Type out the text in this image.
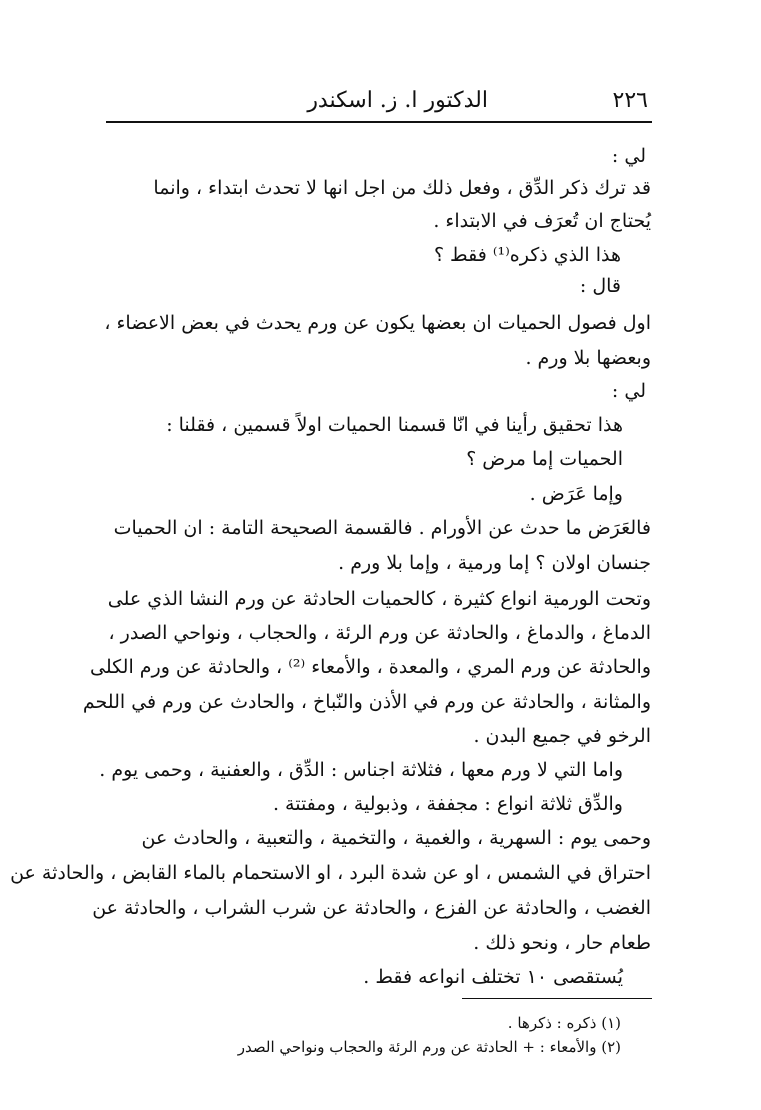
٢٢٦
الدكتور ا. ز. اسكندر
لي :
قد ترك ذكر الدِّق ، وفعل ذلك من اجل انها لا تحدث ابتداء ، وانما
يُحتاج ان تُعرَف في الابتداء .
هذا الذي ذكره⁽¹⁾ فقط ؟
قال :
اول فصول الحميات ان بعضها يكون عن ورم يحدث في بعض الاعضاء ،
وبعضها بلا ورم .
لي :
هذا تحقيق رأينا في انّا قسمنا الحميات اولاً قسمين ، فقلنا :
الحميات إما مرض ؟
وإما عَرَض .
فالعَرَض ما حدث عن الأورام . فالقسمة الصحيحة التامة : ان الحميات
جنسان اولان ؟ إما ورمية ، وإما بلا ورم .
وتحت الورمية انواع كثيرة ، كالحميات الحادثة عن ورم النشا الذي على
الدماغ ، والدماغ ، والحادثة عن ورم الرئة ، والحجاب ، ونواحي الصدر ،
والحادثة عن ورم المري ، والمعدة ، والأمعاء ⁽²⁾ ، والحادثة عن ورم الكلى
والمثانة ، والحادثة عن ورم في الأذن والنّباخ ، والحادث عن ورم في اللحم
الرخو في جميع البدن .
واما التي لا ورم معها ، فثلاثة اجناس : الدِّق ، والعفنية ، وحمى يوم .
والدِّق ثلاثة انواع : مجففة ، وذبولية ، ومفتتة .
وحمى يوم : السهرية ، والغمية ، والتخمية ، والتعبية ، والحادث عن
احتراق في الشمس ، او عن شدة البرد ، او الاستحمام بالماء القابض ، والحادثة عن
الغضب ، والحادثة عن الفزع ، والحادثة عن شرب الشراب ، والحادثة عن
طعام حار ، ونحو ذلك .
يُستقصى ١٠ تختلف انواعه فقط .
(١) ذكره : ذكرها .
(٢) والأمعاء : + الحادثة عن ورم الرئة والحجاب ونواحي الصدر
